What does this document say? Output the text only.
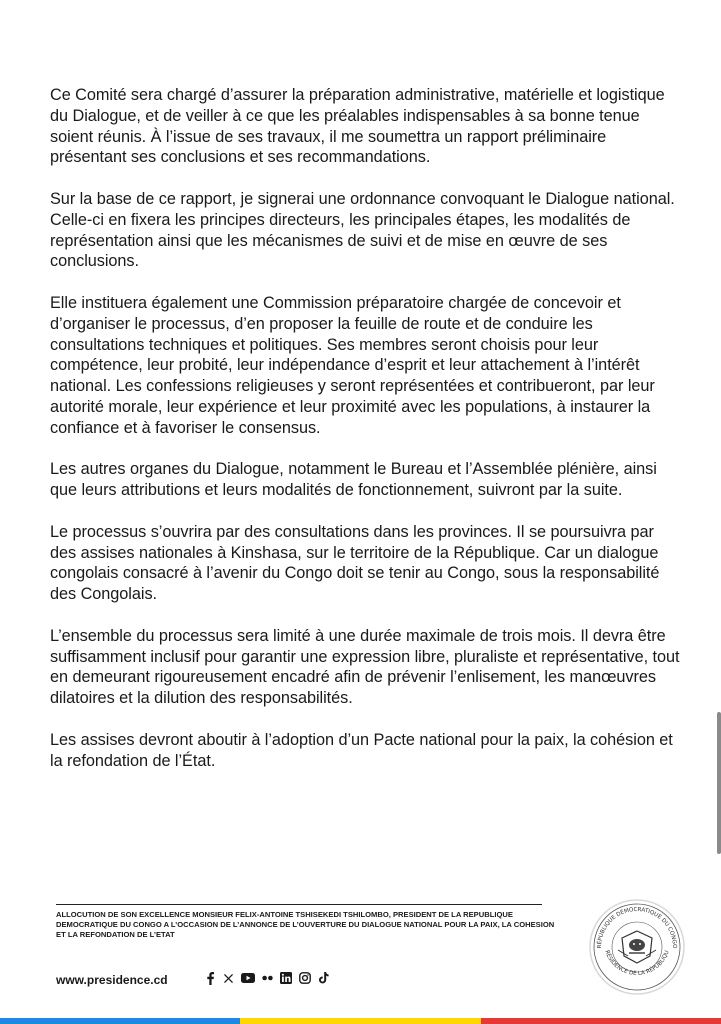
Ce Comité sera chargé d’assurer la préparation administrative, matérielle et logistique du Dialogue, et de veiller à ce que les préalables indispensables à sa bonne tenue soient réunis. À l’issue de ses travaux, il me soumettra un rapport préliminaire présentant ses conclusions et ses recommandations.

Sur la base de ce rapport, je signerai une ordonnance convoquant le Dialogue national. Celle-ci en fixera les principes directeurs, les principales étapes, les modalités de représentation ainsi que les mécanismes de suivi et de mise en œuvre de ses conclusions.

Elle instituera également une Commission préparatoire chargée de concevoir et d’organiser le processus, d’en proposer la feuille de route et de conduire les consultations techniques et politiques. Ses membres seront choisis pour leur compétence, leur probité, leur indépendance d’esprit et leur attachement à l’intérêt national. Les confessions religieuses y seront représentées et contribueront, par leur autorité morale, leur expérience et leur proximité avec les populations, à instaurer la confiance et à favoriser le consensus.

Les autres organes du Dialogue, notamment le Bureau et l’Assemblée plénière, ainsi que leurs attributions et leurs modalités de fonctionnement, suivront par la suite.

Le processus s’ouvrira par des consultations dans les provinces. Il se poursuivra par des assises nationales à Kinshasa, sur le territoire de la République. Car un dialogue congolais consacré à l’avenir du Congo doit se tenir au Congo, sous la responsabilité des Congolais.

L’ensemble du processus sera limité à une durée maximale de trois mois. Il devra être suffisamment inclusif pour garantir une expression libre, pluraliste et représentative, tout en demeurant rigoureusement encadré afin de prévenir l’enlisement, les manœuvres dilatoires et la dilution des responsabilités.

Les assises devront aboutir à l’adoption d’un Pacte national pour la paix, la cohésion et la refondation de l’État.

ALLOCUTION DE SON EXCELLENCE MONSIEUR FELIX-ANTOINE TSHISEKEDI TSHILOMBO, PRESIDENT DE LA REPUBLIQUE DEMOCRATIQUE DU CONGO A L’OCCASION DE L’ANNONCE DE L’OUVERTURE DU DIALOGUE NATIONAL POUR LA PAIX, LA COHESION ET LA REFONDATION DE L’ETAT
www.presidence.cd
RÉPUBLIQUE DÉMOCRATIQUE DU CONGO
RÉSIDENCE DE LA RÉPUBLIQU
